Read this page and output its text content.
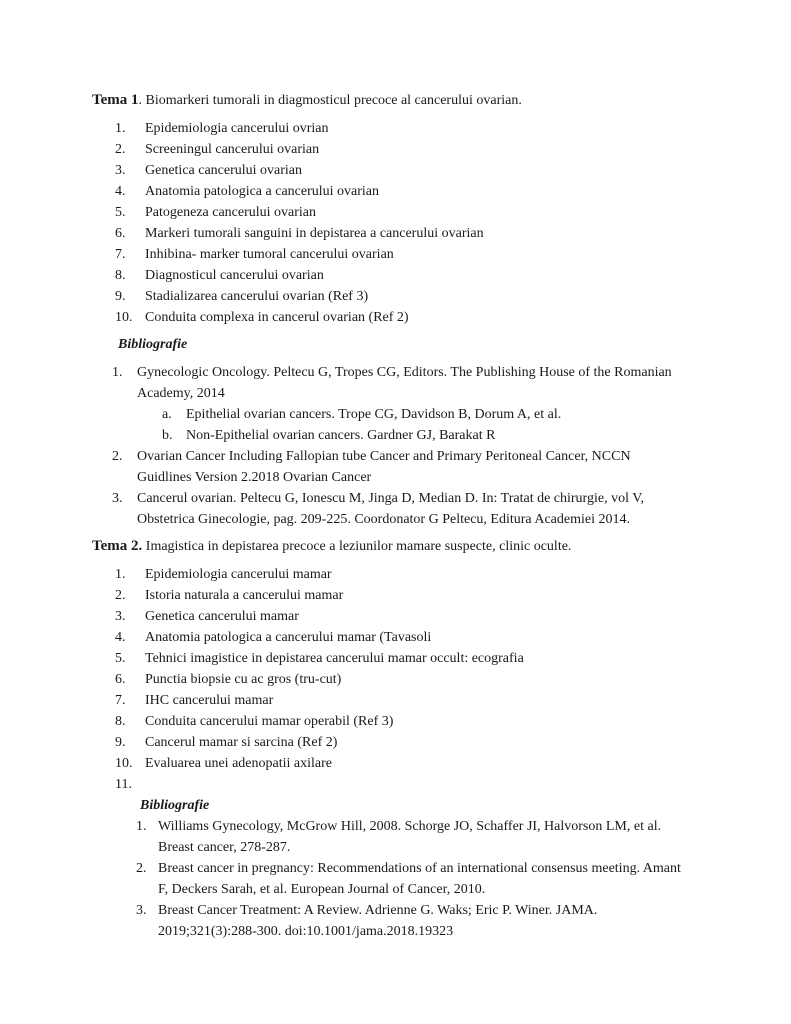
Tema 1. Biomarkeri tumorali in diagmosticul precoce al cancerului ovarian.

Epidemiologia cancerului ovrian
Screeningul cancerului ovarian
Genetica cancerului ovarian
Anatomia patologica a cancerului ovarian
Patogeneza cancerului ovarian
Markeri tumorali sanguini in depistarea a cancerului ovarian
Inhibina- marker tumoral cancerului ovarian
Diagnosticul cancerului ovarian
Stadializarea cancerului ovarian (Ref 3)
Conduita complexa in cancerul ovarian (Ref 2)

Bibliografie

Gynecologic Oncology. Peltecu G, Tropes CG, Editors. The Publishing House of the Romanian
Academy, 2014
Epithelial ovarian cancers. Trope CG, Davidson B, Dorum A, et al.
Non-Epithelial ovarian cancers. Gardner GJ, Barakat R
Ovarian Cancer Including Fallopian tube Cancer and Primary Peritoneal Cancer, NCCN
Guidlines Version 2.2018 Ovarian Cancer
Cancerul ovarian. Peltecu G, Ionescu M, Jinga D, Median D. In: Tratat de chirurgie, vol V,
Obstetrica Ginecologie, pag. 209-225. Coordonator G Peltecu, Editura Academiei 2014.

Tema 2. Imagistica in depistarea precoce a leziunilor mamare suspecte, clinic oculte.

Epidemiologia cancerului mamar
Istoria naturala a cancerului mamar
Genetica cancerului mamar
Anatomia patologica a cancerului mamar (Tavasoli
Tehnici imagistice in depistarea cancerului mamar occult: ecografia
Punctia biopsie cu ac gros (tru-cut)
IHC cancerului mamar
Conduita cancerului mamar operabil (Ref 3)
Cancerul mamar si sarcina (Ref 2)
Evaluarea unei adenopatii axilare

Bibliografie

Williams Gynecology, McGrow Hill, 2008. Schorge JO, Schaffer JI, Halvorson LM, et al.
Breast cancer, 278-287.
Breast cancer in pregnancy: Recommendations of an international consensus meeting. Amant
F, Deckers Sarah, et al. European Journal of Cancer, 2010.
Breast Cancer Treatment: A Review. Adrienne G. Waks; Eric P. Winer. JAMA.
2019;321(3):288-300. doi:10.1001/jama.2018.19323
